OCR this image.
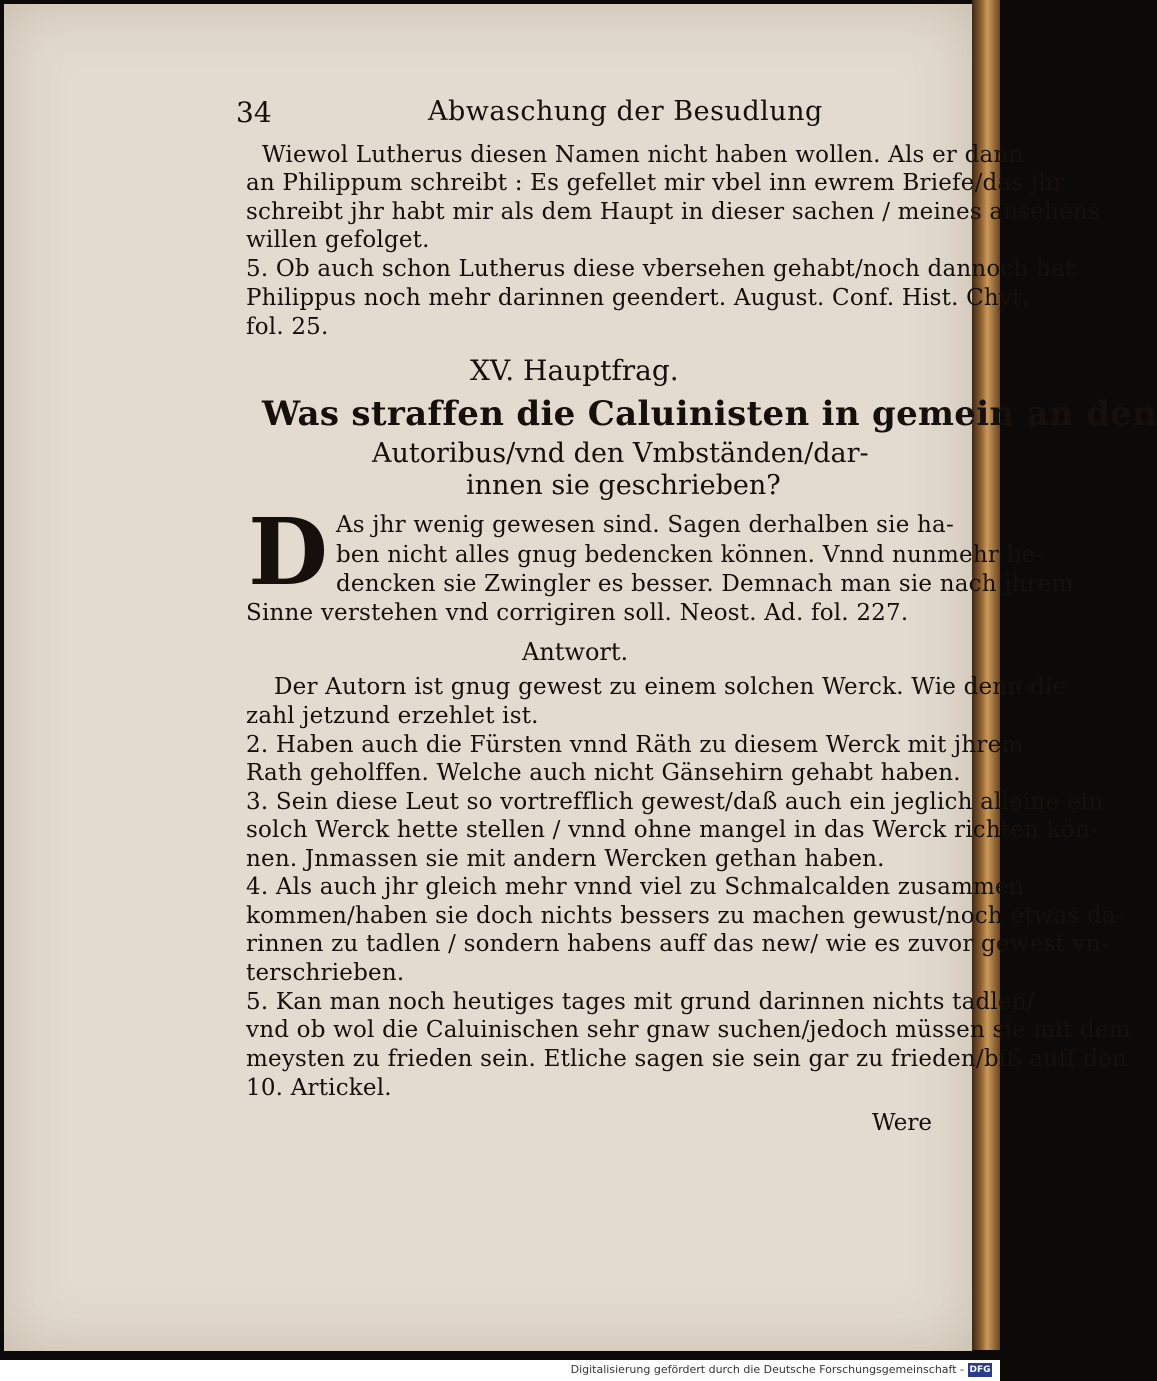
34	Abwaschung der Besudlung
Wiewol Lutherus diesen Namen nicht haben wollen. Als er dann
an Philippum schreibt : Es gefellet mir vbel inn ewrem Briefe/das jhr
schreibt jhr habt mir als dem Haupt in dieser sachen / meines ansehens
willen gefolget.
5. Ob auch schon Lutherus diese vbersehen gehabt/noch dannoch hat
Philippus noch mehr darinnen geendert. August. Conf. Hist. Chyt.
fol. 25.
XV. Hauptfrag.
Was straffen die Caluinisten in gemein an den
Autoribus/vnd den Vmbständen/dar-
innen sie geschrieben?
D As jhr wenig gewesen sind. Sagen derhalben sie ha-
ben nicht alles gnug bedencken können. Vnnd nunmehr be-
dencken sie Zwingler es besser. Demnach man sie nach jhrem
Sinne verstehen vnd corrigiren soll. Neost. Ad. fol. 227.
Antwort.
Der Autorn ist gnug gewest zu einem solchen Werck. Wie denn die
zahl jetzund erzehlet ist.
2. Haben auch die Fürsten vnnd Räth zu diesem Werck mit jhrem
Rath geholffen. Welche auch nicht Gänsehirn gehabt haben.
3. Sein diese Leut so vortrefflich gewest/daß auch ein jeglich alleine ein
solch Werck hette stellen / vnnd ohne mangel in das Werck richten kön-
nen. Jnmassen sie mit andern Wercken gethan haben.
4. Als auch jhr gleich mehr vnnd viel zu Schmalcalden zusammen
kommen/haben sie doch nichts bessers zu machen gewust/noch etwas da-
rinnen zu tadlen / sondern habens auff das new/ wie es zuvor gewest vn-
terschrieben.
5. Kan man noch heutiges tages mit grund darinnen nichts tadlen/
vnd ob wol die Caluinischen sehr gnaw suchen/jedoch müssen sie mit dem
meysten zu frieden sein. Etliche sagen sie sein gar zu frieden/biß auff den
10. Artickel.
Were
Digitalisierung gefördert durch die Deutsche Forschungsgemeinschaft - DFG
